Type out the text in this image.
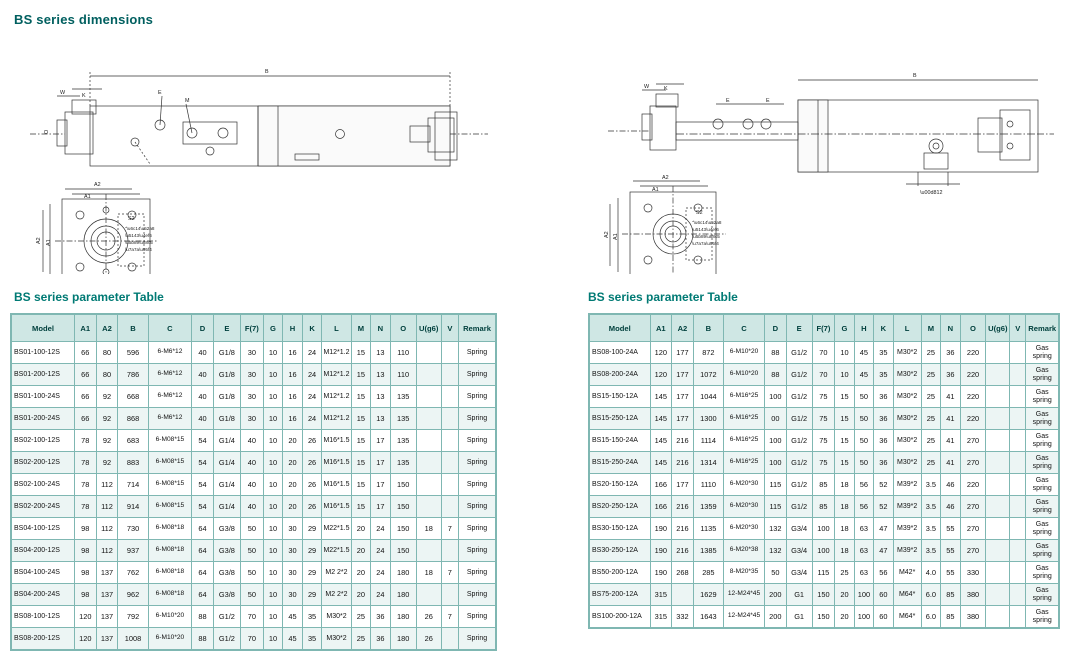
BS series dimensions
B
K
W	E
M
A2
A1
S2
A2 A1
O
"\u6c14\u52a8
\u5143\u4ef6
\u5b89\u88c5
\u7a7a\u95f4
B
K
W
E	E
\u00d812
A2
A1
S2
A2 A1
"\u6c14\u52a8
\u5143\u4ef6
\u5b89\u88c5
\u7a7a\u95f4
BS series parameter Table	BS series parameter Table
Model	A1	A2	B	C	D	E	F(7)	G	H	K	L	M	N	O	U(g6)	V	Remark
BS01-100-12S	66	80	596	6-M6*12	40	G1/8	30	10	16	24	M12*1.2	15	13	110			Spring
BS01-200-12S	66	80	786	6-M6*12	40	G1/8	30	10	16	24	M12*1.2	15	13	110			Spring
BS01-100-24S	66	92	668	6-M6*12	40	G1/8	30	10	16	24	M12*1.2	15	13	135			Spring
BS01-200-24S	66	92	868	6-M6*12	40	G1/8	30	10	16	24	M12*1.2	15	13	135			Spring
BS02-100-12S	78	92	683	6-M08*15	54	G1/4	40	10	20	26	M16*1.5	15	17	135			Spring
BS02-200-12S	78	92	883	6-M08*15	54	G1/4	40	10	20	26	M16*1.5	15	17	135			Spring
BS02-100-24S	78	112	714	6-M08*15	54	G1/4	40	10	20	26	M16*1.5	15	17	150			Spring
BS02-200-24S	78	112	914	6-M08*15	54	G1/4	40	10	20	26	M16*1.5	15	17	150			Spring
BS04-100-12S	98	112	730	6-M08*18	64	G3/8	50	10	30	29	M22*1.5	20	24	150	18	7	Spring
BS04-200-12S	98	112	937	6-M08*18	64	G3/8	50	10	30	29	M22*1.5	20	24	150			Spring
BS04-100-24S	98	137	762	6-M08*18	64	G3/8	50	10	30	29	M2 2*2	20	24	180	18	7	Spring
BS04-200-24S	98	137	962	6-M08*18	64	G3/8	50	10	30	29	M2 2*2	20	24	180			Spring
BS08-100-12S	120	137	792	6-M10*20	88	G1/2	70	10	45	35	M30*2	25	36	180	26	7	Spring
BS08-200-12S	120	137	1008	6-M10*20	88	G1/2	70	10	45	35	M30*2	25	36	180	26		Spring
Model	A1	A2	B	C	D	E	F(7)	G	H	K	L	M	N	O	U(g6)	V	Remark
BS08-100-24A	120	177	872	6-M10*20	88	G1/2	70	10	45	35	M30*2	25	36	220			Gas spring
BS08-200-24A	120	177	1072	6-M10*20	88	G1/2	70	10	45	35	M30*2	25	36	220			Gas spring
BS15-150-12A	145	177	1044	6-M16*25	100	G1/2	75	15	50	36	M30*2	25	41	220			Gas spring
BS15-250-12A	145	177	1300	6-M16*25	00	G1/2	75	15	50	36	M30*2	25	41	220			Gas spring
BS15-150-24A	145	216	1114	6-M16*25	100	G1/2	75	15	50	36	M30*2	25	41	270			Gas spring
BS15-250-24A	145	216	1314	6-M16*25	100	G1/2	75	15	50	36	M30*2	25	41	270			Gas spring
BS20-150-12A	166	177	1110	6-M20*30	115	G1/2	85	18	56	52	M39*2	3.5	46	220			Gas spring
BS20-250-12A	166	216	1359	6-M20*30	115	G1/2	85	18	56	52	M39*2	3.5	46	270			Gas spring
BS30-150-12A	190	216	1135	6-M20*30	132	G3/4	100	18	63	47	M39*2	3.5	55	270			Gas spring
BS30-250-12A	190	216	1385	6-M20*38	132	G3/4	100	18	63	47	M39*2	3.5	55	270			Gas spring
BS50-200-12A	190	268	285	8-M20*35	50	G3/4	115	25	63	56	M42*	4.0	55	330			Gas spring
BS75-200-12A	315		1629	12-M24*45	200	G1	150	20	100	60	M64*	6.0	85	380			Gas spring
BS100-200-12A	315	332	1643	12-M24*45	200	G1	150	20	100	60	M64*	6.0	85	380			Gas spring
